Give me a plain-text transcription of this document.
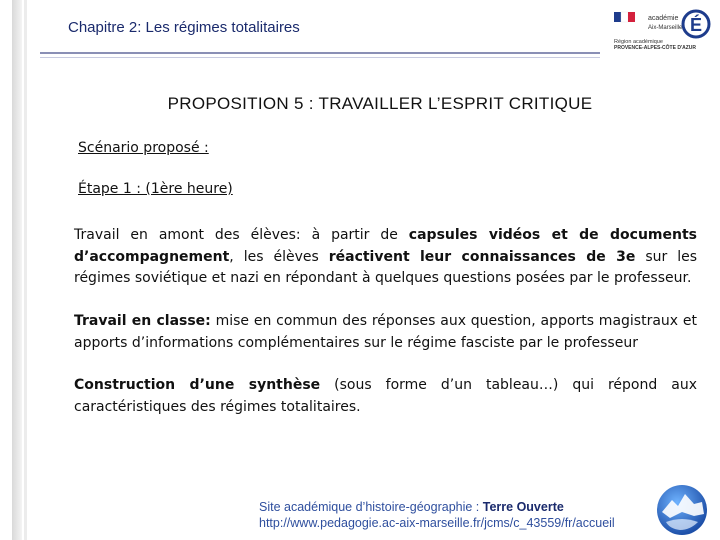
Chapitre 2: Les régimes totalitaires
académie
Aix-Marseille É
Région académique
PROVENCE-ALPES-CÔTE D'AZUR
PROPOSITION 5 : TRAVAILLER L’ESPRIT CRITIQUE
Scénario proposé :
Étape 1 : (1ère heure)
Travail en amont des élèves: à partir de capsules vidéos et de documents d’accompagnement, les élèves réactivent leur connaissances de 3e sur les régimes soviétique et nazi en répondant à quelques questions posées par le professeur.
Travail en classe: mise en commun des réponses aux question, apports magistraux et apports d’informations complémentaires sur le régime fasciste par le professeur
Construction d’une synthèse (sous forme d’un tableau…) qui répond aux caractéristiques des régimes totalitaires.
Site académique d’histoire-géographie : Terre Ouverte
http://www.pedagogie.ac-aix-marseille.fr/jcms/c_43559/fr/accueil
